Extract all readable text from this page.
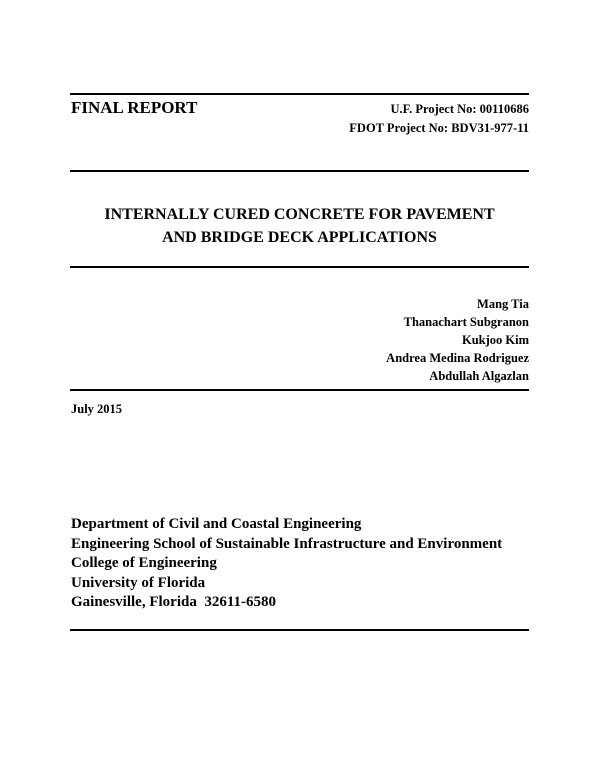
FINAL REPORT	U.F. Project No: 00110686
FDOT Project No: BDV31-977-11
INTERNALLY CURED CONCRETE FOR PAVEMENT
AND BRIDGE DECK APPLICATIONS
Mang Tia
Thanachart Subgranon
Kukjoo Kim
Andrea Medina Rodriguez
Abdullah Algazlan
July 2015
Department of Civil and Coastal Engineering
Engineering School of Sustainable Infrastructure and Environment
College of Engineering
University of Florida
Gainesville, Florida  32611-6580
